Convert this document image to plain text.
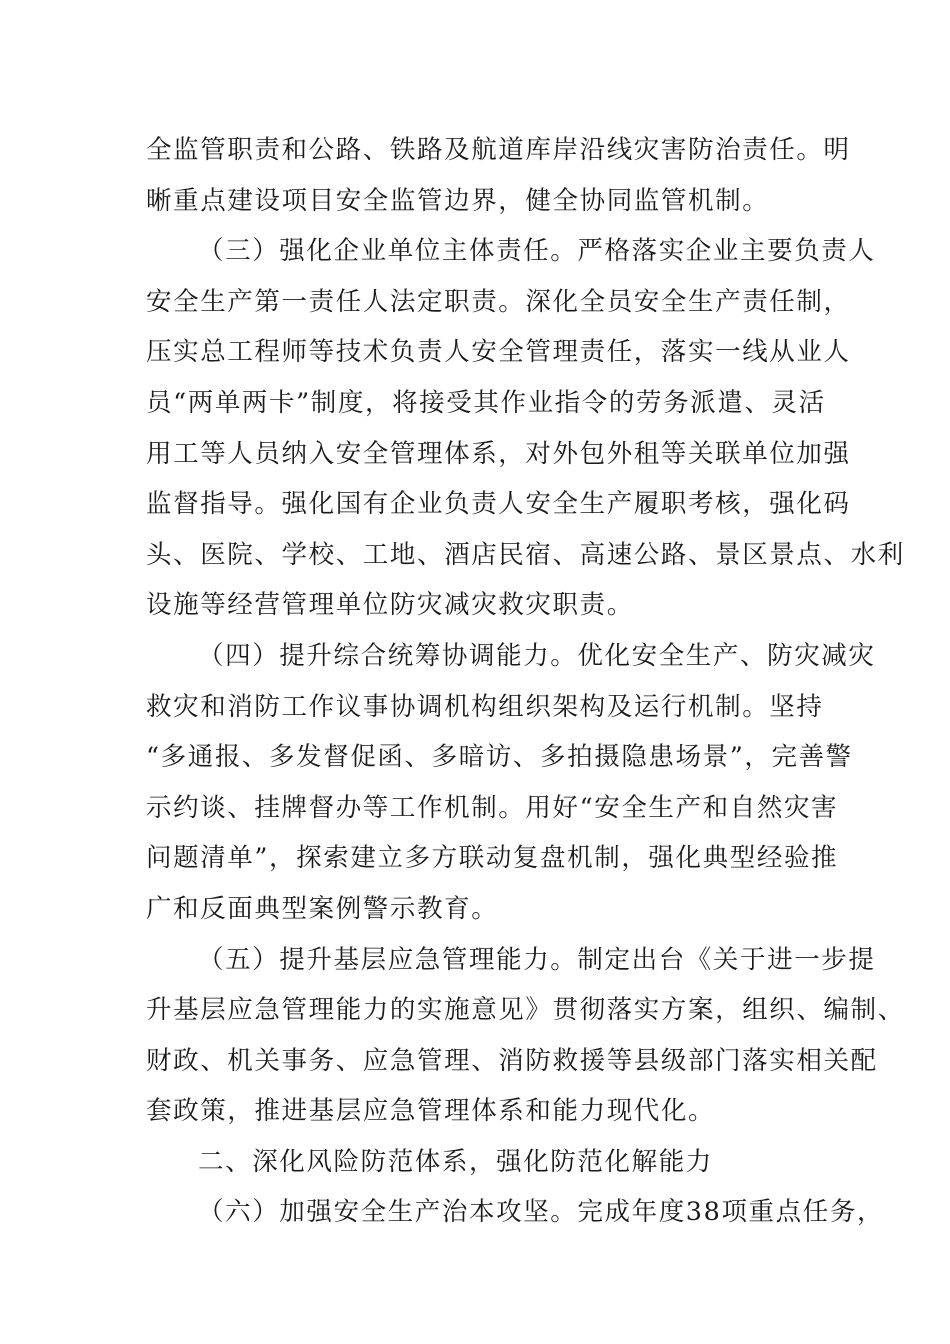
全监管职责和公路、铁路及航道库岸沿线灾害防治责任。明
晰重点建设项目安全监管边界，健全协同监管机制。
（三）强化企业单位主体责任。严格落实企业主要负责人
安全生产第一责任人法定职责。深化全员安全生产责任制，
压实总工程师等技术负责人安全管理责任，落实一线从业人
员“两单两卡”制度，将接受其作业指令的劳务派遣、灵活
用工等人员纳入安全管理体系，对外包外租等关联单位加强
监督指导。强化国有企业负责人安全生产履职考核，强化码
头、医院、学校、工地、酒店民宿、高速公路、景区景点、水利
设施等经营管理单位防灾减灾救灾职责。
（四）提升综合统筹协调能力。优化安全生产、防灾减灾
救灾和消防工作议事协调机构组织架构及运行机制。坚持
“多通报、多发督促函、多暗访、多拍摄隐患场景”，完善警
示约谈、挂牌督办等工作机制。用好“安全生产和自然灾害
问题清单”，探索建立多方联动复盘机制，强化典型经验推
广和反面典型案例警示教育。
（五）提升基层应急管理能力。制定出台《关于进一步提
升基层应急管理能力的实施意见》贯彻落实方案，组织、编制、
财政、机关事务、应急管理、消防救援等县级部门落实相关配
套政策，推进基层应急管理体系和能力现代化。
二、深化风险防范体系，强化防范化解能力
（六）加强安全生产治本攻坚。完成年度38项重点任务，
